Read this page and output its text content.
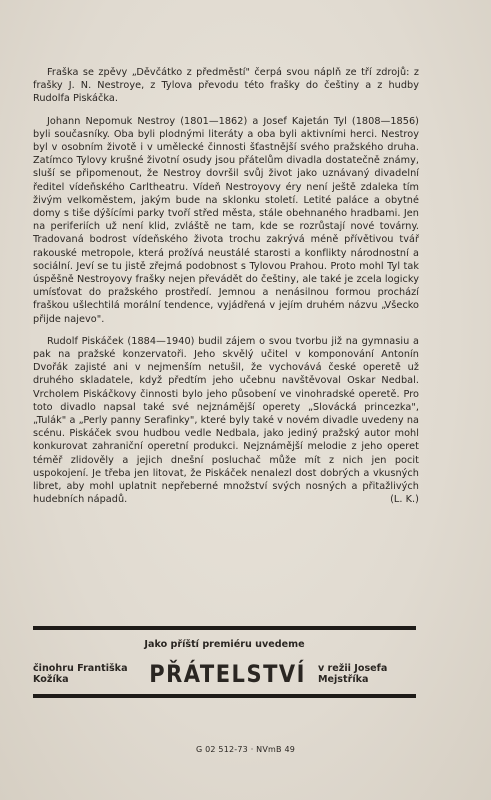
Fraška se zpěvy „Děvčátko z předměstí" čerpá svou náplň ze tří zdrojů: z frašky J. N. Nestroye, z Tylova převodu této frašky do češtiny a z hudby Rudolfa Piskáčka.

Johann Nepomuk Nestroy (1801—1862) a Josef Kajetán Tyl (1808—1856) byli současníky. Oba byli plodnými literáty a oba byli aktivními herci. Nestroy byl v osobním životě i v umělecké činnosti šťastnější svého pražského druha. Zatímco Tylovy krušné životní osudy jsou přátelům divadla dostatečně známy, sluší se připomenout, že Nestroy dovršil svůj život jako uznávaný divadelní ředitel vídeňského Carltheatru. Vídeň Nestroyovy éry není ještě zdaleka tím živým velkoměstem, jakým bude na sklonku století. Letité paláce a obytné domy s tiše dýšícími parky tvoří střed města, stále obehnaného hradbami. Jen na periferiích už není klid, zvláště ne tam, kde se rozrůstají nové továrny. Tradovaná bodrost vídeňského života trochu zakrývá méně přívětivou tvář rakouské metropole, která prožívá neustálé starosti a konflikty národnostní a sociální. Jeví se tu jistě zřejmá podobnost s Tylovou Prahou. Proto mohl Tyl tak úspěšně Nestroyovy frašky nejen převádět do češtiny, ale také je zcela logicky umísťovat do pražského prostředí. Jemnou a nenásilnou formou prochází fraškou ušlechtilá morální tendence, vyjádřená v jejím druhém názvu „Všecko přijde najevo".

Rudolf Piskáček (1884—1940) budil zájem o svou tvorbu již na gymnasiu a pak na pražské konzervatoři. Jeho skvělý učitel v komponování Antonín Dvořák zajisté ani v nejmenším netušil, že vychovává české operetě už druhého skladatele, když předtím jeho učebnu navštěvoval Oskar Nedbal. Vrcholem Piskáčkovy činnosti bylo jeho působení ve vinohradské operetě. Pro toto divadlo napsal také své nejznámější operety „Slovácká princezka", „Tulák" a „Perly panny Serafinky", které byly také v novém divadle uvedeny na scénu. Piskáček svou hudbou vedle Nedbala, jako jediný pražský autor mohl konkurovat zahraniční operetní produkci. Nejznámější melodie z jeho operet téměř zlidověly a jejich dnešní posluchač může mít z nich jen pocit uspokojení. Je třeba jen litovat, že Piskáček nenalezl dost dobrých a vkusných libret, aby mohl uplatnit nepřeberné množství svých nosných a přitažlivých hudebních nápadů.	(L. K.)

Jako příští premiéru uvedeme
činohru Františka Kožíka	PŘÁTELSTVÍ v režii Josefa Mejstříka
G 02 512-73 · NVmB 49
